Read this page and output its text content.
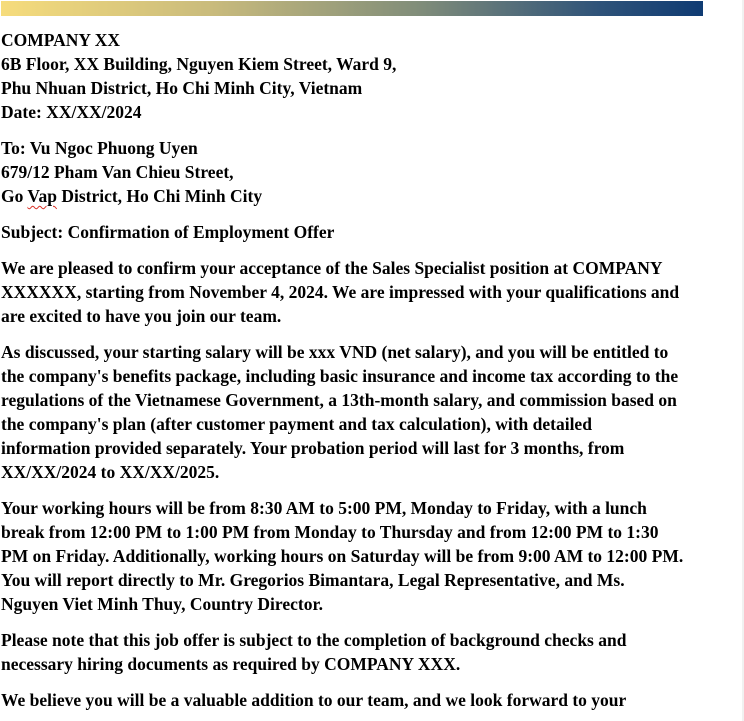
COMPANY XX
6B Floor, XX Building, Nguyen Kiem Street, Ward 9,
Phu Nhuan District, Ho Chi Minh City, Vietnam
Date: XX/XX/2024
To: Vu Ngoc Phuong Uyen
679/12 Pham Van Chieu Street,
Go Vap District, Ho Chi Minh City
Subject: Confirmation of Employment Offer
We are pleased to confirm your acceptance of the Sales Specialist position at COMPANY
XXXXXX, starting from November 4, 2024. We are impressed with your qualifications and
are excited to have you join our team.
As discussed, your starting salary will be xxx VND (net salary), and you will be entitled to
the company's benefits package, including basic insurance and income tax according to the
regulations of the Vietnamese Government, a 13th-month salary, and commission based on
the company's plan (after customer payment and tax calculation), with detailed
information provided separately. Your probation period will last for 3 months, from
XX/XX/2024 to XX/XX/2025.
Your working hours will be from 8:30 AM to 5:00 PM, Monday to Friday, with a lunch
break from 12:00 PM to 1:00 PM from Monday to Thursday and from 12:00 PM to 1:30
PM on Friday. Additionally, working hours on Saturday will be from 9:00 AM to 12:00 PM.
You will report directly to Mr. Gregorios Bimantara, Legal Representative, and Ms.
Nguyen Viet Minh Thuy, Country Director.
Please note that this job offer is subject to the completion of background checks and
necessary hiring documents as required by COMPANY XXX.
We believe you will be a valuable addition to our team, and we look forward to your
